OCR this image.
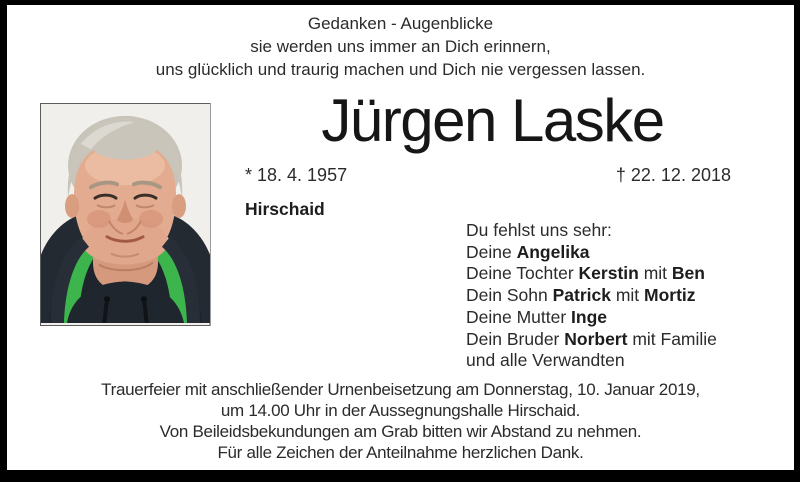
Gedanken - Augenblicke
sie werden uns immer an Dich erinnern,
uns glücklich und traurig machen und Dich nie vergessen lassen.
Jürgen Laske
* 18. 4. 1957	† 22. 12. 2018
Hirschaid
Du fehlst uns sehr:
Deine Angelika
Deine Tochter Kerstin mit Ben
Dein Sohn Patrick mit Mortiz
Deine Mutter Inge
Dein Bruder Norbert mit Familie
und alle Verwandten
Trauerfeier mit anschließender Urnenbeisetzung am Donnerstag, 10. Januar 2019,
um 14.00 Uhr in der Aussegnungshalle Hirschaid.
Von Beileidsbekundungen am Grab bitten wir Abstand zu nehmen.
Für alle Zeichen der Anteilnahme herzlichen Dank.
